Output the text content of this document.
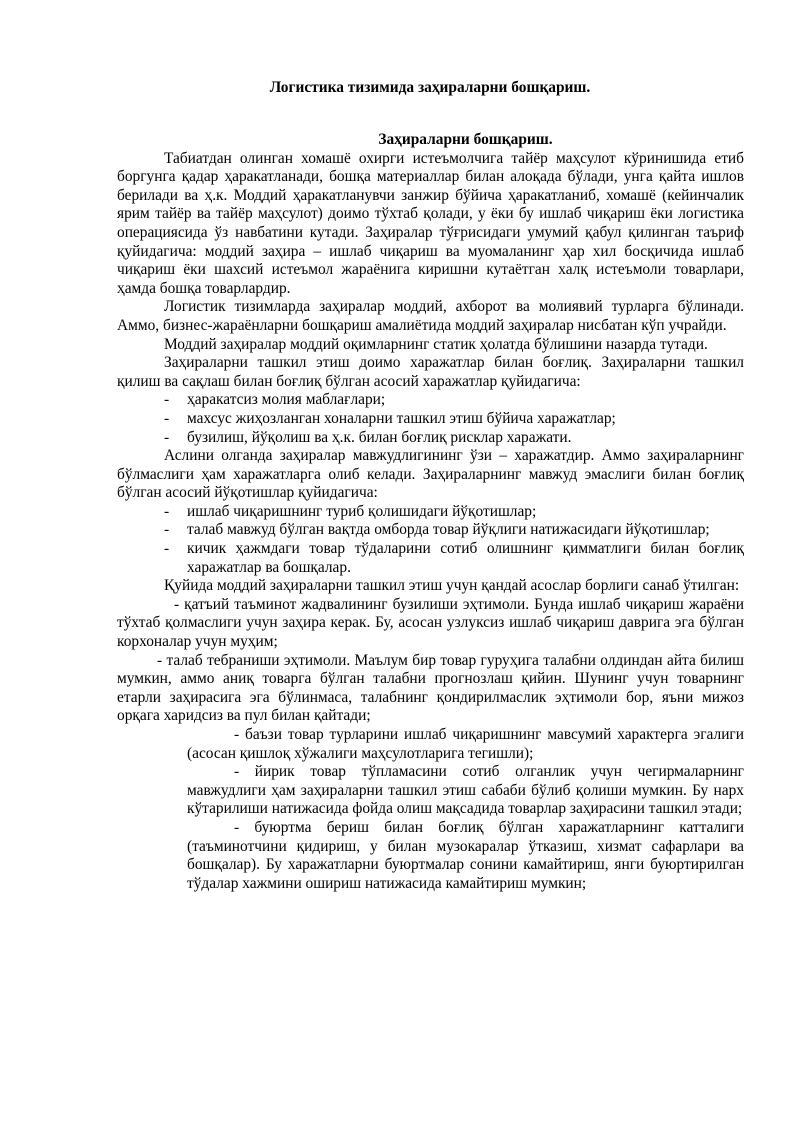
Логистика тизимида заҳираларни бошқариш.

Заҳираларни бошқариш.

Табиатдан олинган хомашё охирги истеъмолчига тайёр маҳсулот кўринишида етиб боргунга қадар ҳаракатланади, бошқа материаллар билан алоқада бўлади, унга қайта ишлов берилади ва ҳ.к. Моддий ҳаракатланувчи занжир бўйича ҳаракатланиб, хомашё (кейинчалик ярим тайёр ва тайёр маҳсулот) доимо тўхтаб қолади, у ёки бу ишлаб чиқариш ёки логистика операциясида ўз навбатини кутади. Заҳиралар тўғрисидаги умумий қабул қилинган таъриф қуйидагича: моддий заҳира – ишлаб чиқариш ва муомаланинг ҳар хил босқичида ишлаб чиқариш ёки шахсий истеъмол жараёнига киришни кутаётган халқ истеъмоли товарлари, ҳамда бошқа товарлардир.

Логистик тизимларда заҳиралар моддий, ахборот ва молиявий турларга бўлинади. Аммо, бизнес-жараёнларни бошқариш амалиётида моддий заҳиралар нисбатан кўп учрайди.

Моддий заҳиралар моддий оқимларнинг статик ҳолатда бўлишини назарда тутади.

Заҳираларни ташкил этиш доимо харажатлар билан боғлиқ. Заҳираларни ташкил қилиш ва сақлаш билан боғлиқ бўлган асосий харажатлар қуйидагича:

- ҳаракатсиз молия маблағлари;
- махсус жиҳозланган хоналарни ташкил этиш бўйича харажатлар;
- бузилиш, йўқолиш ва ҳ.к. билан боғлиқ рисклар харажати.

Аслини олганда заҳиралар мавжудлигининг ўзи – харажатдир. Аммо заҳираларнинг бўлмаслиги ҳам харажатларга олиб келади. Заҳираларнинг мавжуд эмаслиги билан боғлиқ бўлган асосий йўқотишлар қуйидагича:

- ишлаб чиқаришнинг туриб қолишидаги йўқотишлар;
- талаб мавжуд бўлган вақтда омборда товар йўқлиги натижасидаги йўқотишлар;
- кичик ҳажмдаги товар тўдаларини сотиб олишнинг қимматлиги билан боғлиқ харажатлар ва бошқалар.

Қуйида моддий заҳираларни ташкил этиш учун қандай асослар борлиги санаб ўтилган:

- қатъий таъминот жадвалининг бузилиши эҳтимоли. Бунда ишлаб чиқариш жараёни тўхтаб қолмаслиги учун заҳира керак. Бу, асосан узлуксиз ишлаб чиқариш даврига эга бўлган корхоналар учун муҳим;

- талаб тебраниши эҳтимоли. Маълум бир товар гуруҳига талабни олдиндан айта билиш мумкин, аммо аниқ товарга бўлган талабни прогнозлаш қийин. Шунинг учун товарнинг етарли заҳирасига эга бўлинмаса, талабнинг қондирилмаслик эҳтимоли бор, яъни мижоз орқага харидсиз ва пул билан қайтади;

- баъзи товар турларини ишлаб чиқаришнинг мавсумий характерга эгалиги (асосан қишлоқ хўжалиги маҳсулотларига тегишли);

- йирик товар тўпламасини сотиб олганлик учун чегирмаларнинг мавжудлиги ҳам заҳираларни ташкил этиш сабаби бўлиб қолиши мумкин. Бу нарх кўтарилиши натижасида фойда олиш мақсадида товарлар заҳирасини ташкил этади;

- буюртма бериш билан боғлиқ бўлган харажатларнинг катталиги (таъминотчини қидириш, у билан музокаралар ўтказиш, хизмат сафарлари ва бошқалар). Бу харажатларни буюртмалар сонини камайтириш, янги буюртирилган тўдалар хажмини ошириш натижасида камайтириш мумкин;
